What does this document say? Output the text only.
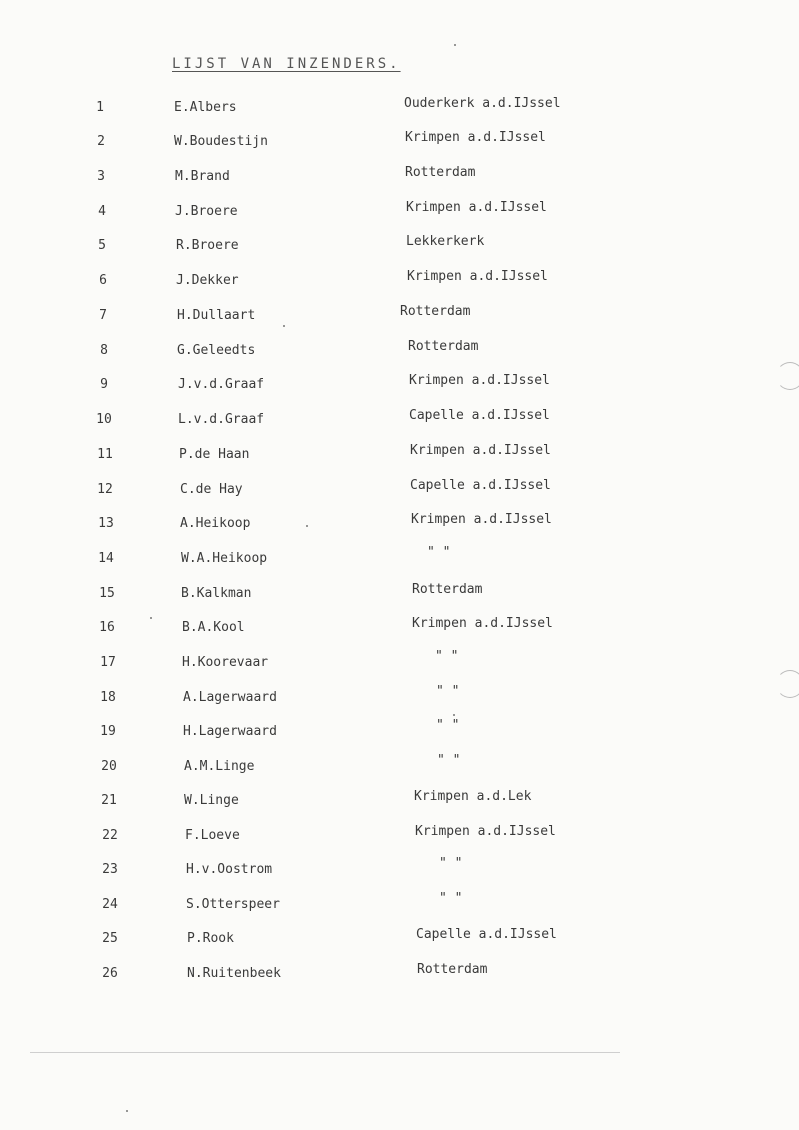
LIJST VAN INZENDERS.
1	E.Albers	Ouderkerk a.d.IJssel
2	W.Boudestijn	Krimpen a.d.IJssel
3	M.Brand	Rotterdam
4	J.Broere	Krimpen a.d.IJssel
5	R.Broere	Lekkerkerk
6	J.Dekker	Krimpen a.d.IJssel
7	H.Dullaart	Rotterdam
8	G.Geleedts	Rotterdam
9	J.v.d.Graaf	Krimpen a.d.IJssel
10	L.v.d.Graaf	Capelle a.d.IJssel
11	P.de Haan	Krimpen a.d.IJssel
12	C.de Hay	Capelle a.d.IJssel
13	A.Heikoop	Krimpen a.d.IJssel
14	W.A.Heikoop	" "
15	B.Kalkman	Rotterdam
16	B.A.Kool	Krimpen a.d.IJssel
17	H.Koorevaar	" "
18	A.Lagerwaard	" "
19	H.Lagerwaard	" "
20	A.M.Linge	" "
21	W.Linge	Krimpen a.d.Lek
22	F.Loeve	Krimpen a.d.IJssel
23	H.v.Oostrom	" "
24	S.Otterspeer	" "
25	P.Rook	Capelle a.d.IJssel
26	N.Ruitenbeek	Rotterdam
